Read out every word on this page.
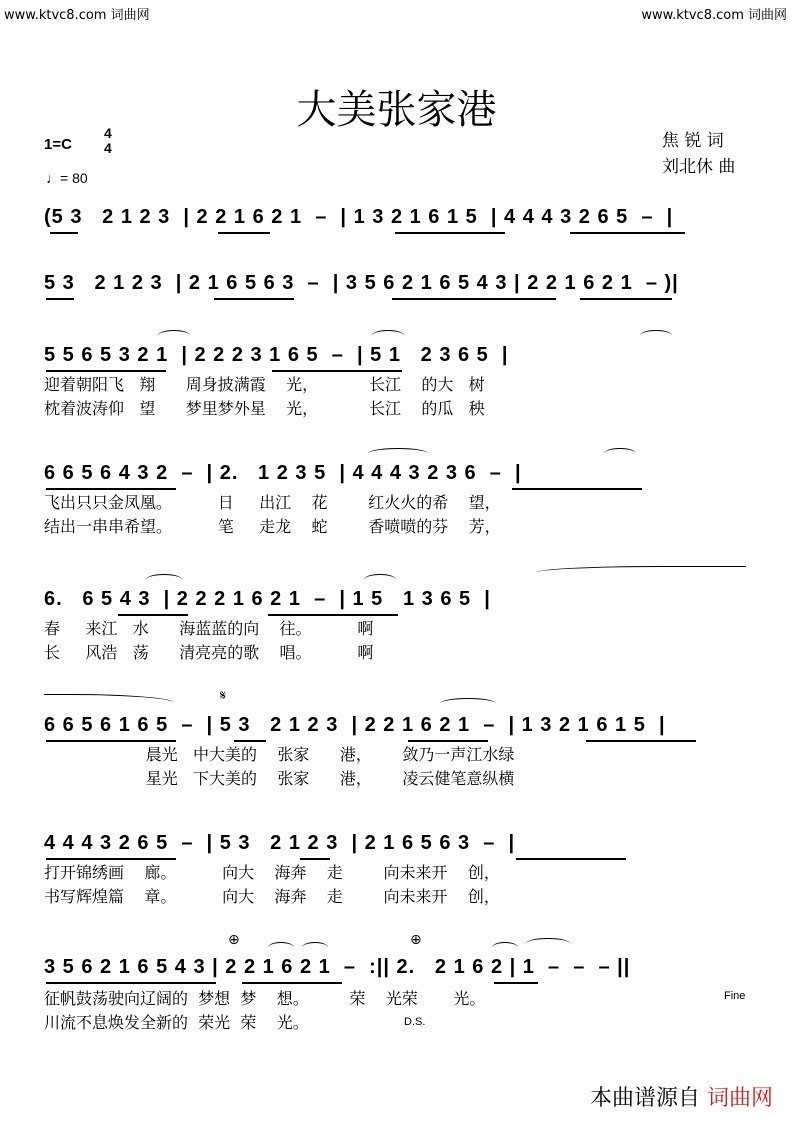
www.ktvc8.com 词曲网	www.ktvc8.com 词曲网
大美张家港
1=C
4
4
♩= 80
焦 锐 词
刘北休 曲
(5 3   2 1 2 3  | 2 2 1 6 2 1  –  | 1 3 2 1 6 1 5  | 4 4 4 3 2 6 5  –  |
5 3   2 1 2 3  | 2 1 6 5 6 3  –  | 3 5 6 2 1 6 5 4 3 | 2 2 1 6 2 1  – )|
5 5 6 5 3 2 1  | 2 2 2 3 1 6 5  –  | 5 1   2 3 6 5  |
迎着朝阳飞   翔      周身披满霞    光，          长江    的大   树
枕着波涛仰   望      梦里梦外星    光，          长江    的瓜   秧
6 6 5 6 4 3 2  –  | 2.   1 2 3 5  | 4 4 4 3 2 3 6  –  |
飞出只只金凤凰。         日     出江    花        红火火的希    望，
结出一串串希望。         笔     走龙    蛇        香喷喷的芬    芳，
6.   6 5 4 3  | 2 2 2 1 6 2 1  –  | 1 5   1 3 6 5  |
春     来江   水      海蓝蓝的向    往。         啊
长     风浩   荡      清亮亮的歌    唱。         啊
𝄋
6 6 5 6 1 6 5  –  | 5 3   2 1 2 3  | 2 2 1 6 2 1  –  | 1 3 2 1 6 1 5  |
晨光   中大美的    张家      港，      敛乃一声江水绿
星光   下大美的    张家      港，      凌云健笔意纵横
4 4 4 3 2 6 5  –  | 5 3   2 1 2 3  | 2 1 6 5 6 3  –  |
打开锦绣画    廊。         向大    海奔    走        向未来开    创，
书写辉煌篇    章。         向大    海奔    走        向未来开    创，
⊕	⊕
3 5 6 2 1 6 5 4 3 | 2 2 1 6 2 1  –  :|| 2.   2 1 6 2 | 1  –  –  – ||
征帆鼓荡驶向辽阔的  梦想  梦    想。        荣    光荣       光。
川流不息焕发全新的  荣光  荣    光。	D.S.
Fine
本曲谱源自 词曲网
